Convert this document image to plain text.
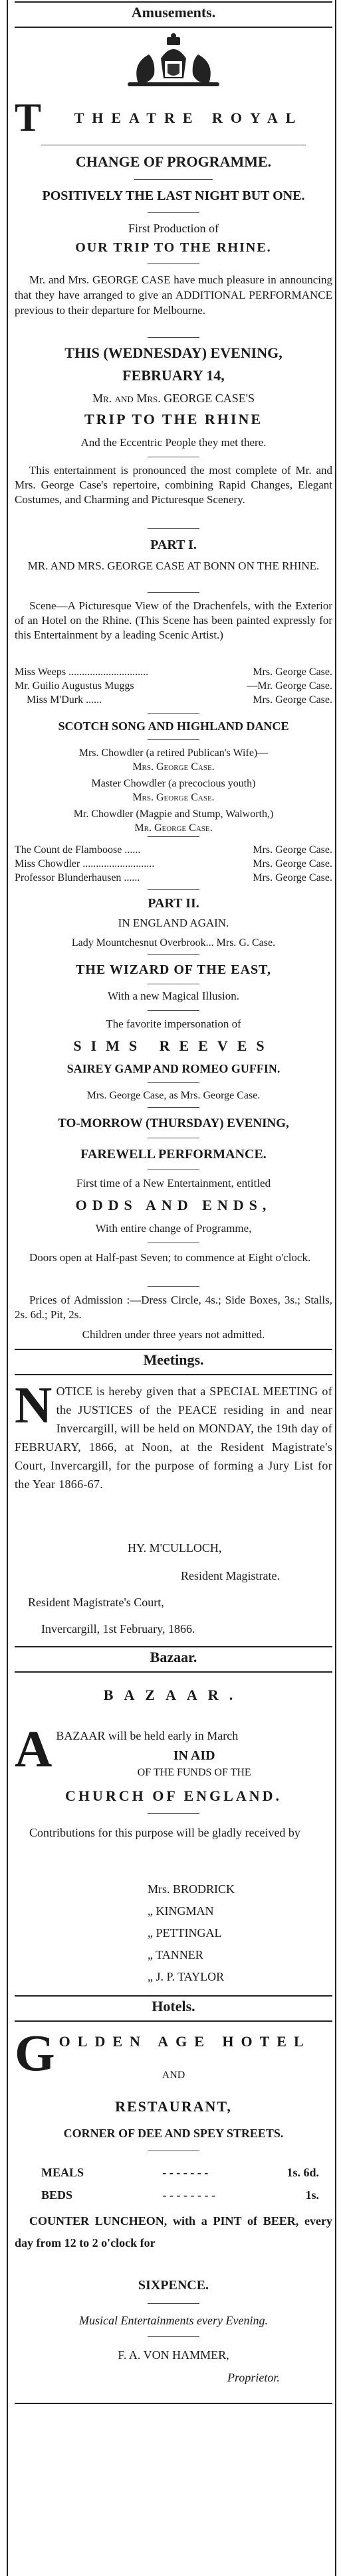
Amusements.
T	THEATRE ROYAL
CHANGE OF PROGRAMME.
POSITIVELY THE LAST NIGHT BUT ONE.
First Production of
OUR TRIP TO THE RHINE.
Mr. and Mrs. GEORGE CASE have much pleasure in announcing that they have arranged to give an ADDITIONAL PERFORMANCE previous to their departure for Melbourne.
THIS (WEDNESDAY) EVENING,
FEBRUARY 14,
Mr. and Mrs. GEORGE CASE'S
TRIP TO THE RHINE
And the Eccentric People they met there.
This entertainment is pronounced the most complete of Mr. and Mrs. George Case's repertoire, combining Rapid Changes, Elegant Costumes, and Charming and Picturesque Scenery.
PART I.
MR. AND MRS. GEORGE CASE AT BONN ON THE RHINE.
Scene—A Picturesque View of the Drachenfels, with the Exterior of an Hotel on the Rhine. (This Scene has been painted expressly for this Entertainment by a leading Scenic Artist.)
Miss Weeps ..............................	Mrs. George Case.
Mr. Guilio Augustus Muggs	—Mr. George Case.
Miss M'Durk ......	Mrs. George Case.
SCOTCH SONG AND HIGHLAND DANCE
Mrs. Chowdler (a retired Publican's Wife)—
Mrs. George Case.
Master Chowdler (a precocious youth)
Mrs. George Case.
Mr. Chowdler (Magpie and Stump, Walworth,)
Mr. George Case.
The Count de Flamboose ......	Mrs. George Case.
Miss Chowdler ...........................	Mrs. George Case.
Professor Blunderhausen ......	Mrs. George Case.
PART II.
IN ENGLAND AGAIN.
Lady Mountchesnut Overbrook... Mrs. G. Case.
THE WIZARD OF THE EAST,
With a new Magical Illusion.
The favorite impersonation of
SIMS REEVES
SAIREY GAMP AND ROMEO GUFFIN.
Mrs. George Case, as Mrs. George Case.
TO-MORROW (THURSDAY) EVENING,
FAREWELL PERFORMANCE.
First time of a New Entertainment, entitled
ODDS AND ENDS,
With entire change of Programme,
Doors open at Half-past Seven; to commence at Eight o'clock.
Prices of Admission :—Dress Circle, 4s.; Side Boxes, 3s.; Stalls, 2s. 6d.; Pit, 2s.
Children under three years not admitted.
Meetings.
N OTICE is hereby given that a SPECIAL MEETING of the JUSTICES of the PEACE residing in and near Invercargill, will be held on MONDAY, the 19th day of FEBRUARY, 1866, at Noon, at the Resident Magistrate's Court, Invercargill, for the purpose of forming a Jury List for the Year 1866-67.
HY. M'CULLOCH,
Resident Magistrate.
Resident Magistrate's Court,
Invercargill, 1st February, 1866.
Bazaar.
BAZAAR.
A BAZAAR will be held early in March
IN AID
OF THE FUNDS OF THE
CHURCH OF ENGLAND.
Contributions for this purpose will be gladly received by
Mrs. BRODRICK
„ KINGMAN
„ PETTINGAL
„ TANNER
„ J. P. TAYLOR
Hotels.
G OLDEN AGE HOTEL
AND
RESTAURANT,
CORNER OF DEE AND SPEY STREETS.
MEALS	- - - - - - -	1s. 6d.
BEDS	- - - - - - - -	1s.
COUNTER LUNCHEON, with a PINT of BEER, every day from 12 to 2 o'clock for
SIXPENCE.
Musical Entertainments every Evening.
F. A. VON HAMMER,
Proprietor.
